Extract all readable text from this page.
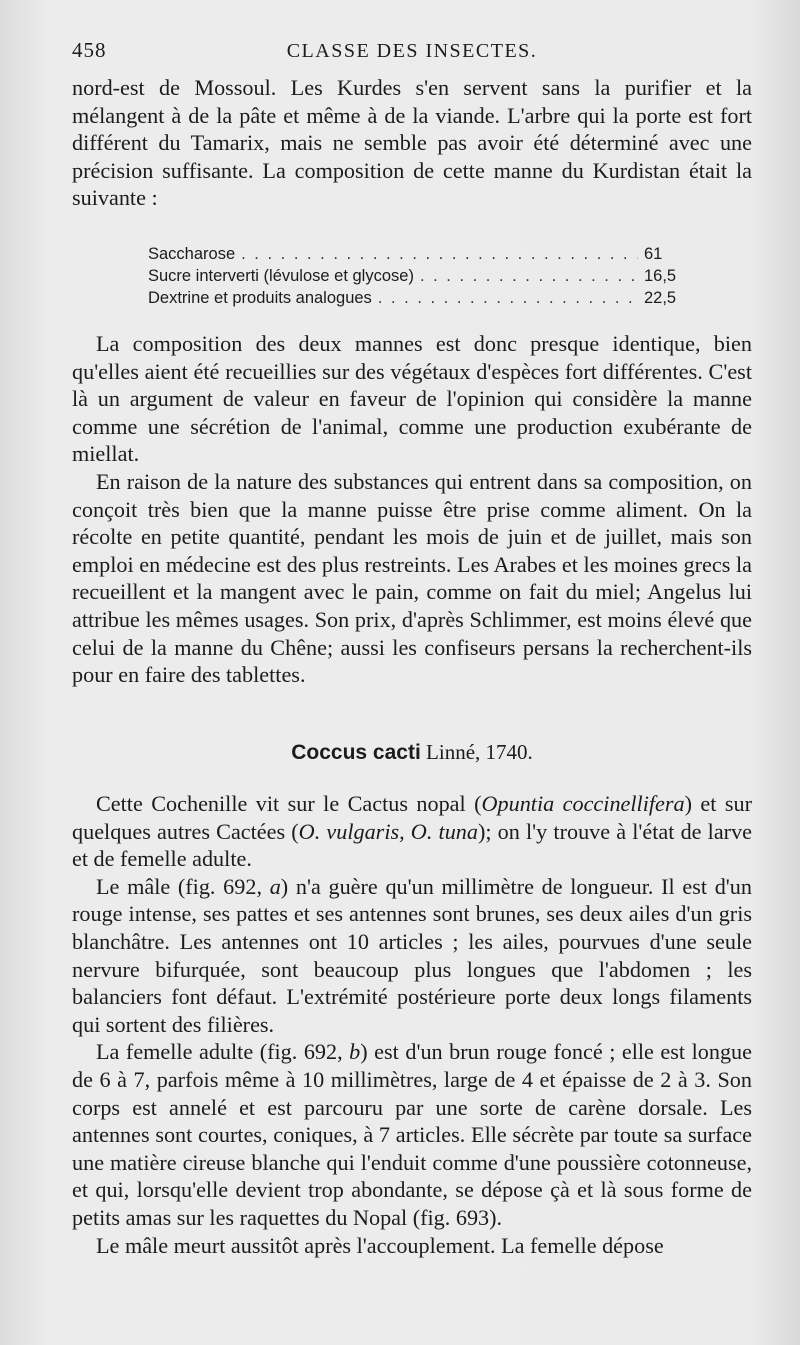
458	CLASSE DES INSECTES.

nord-est de Mossoul. Les Kurdes s'en servent sans la purifier et la mélangent à de la pâte et même à de la viande. L'arbre qui la porte est fort différent du Tamarix, mais ne semble pas avoir été déterminé avec une précision suffisante. La composition de cette manne du Kurdistan était la suivante :

Saccharose . . .	61
Sucre interverti (lévulose et glycose) . . .	16,5
Dextrine et produits analogues . . .	22,5

La composition des deux mannes est donc presque identique, bien qu'elles aient été recueillies sur des végétaux d'espèces fort différentes. C'est là un argument de valeur en faveur de l'opinion qui considère la manne comme une sécrétion de l'animal, comme une production exubérante de miellat.

En raison de la nature des substances qui entrent dans sa composition, on conçoit très bien que la manne puisse être prise comme aliment. On la récolte en petite quantité, pendant les mois de juin et de juillet, mais son emploi en médecine est des plus restreints. Les Arabes et les moines grecs la recueillent et la mangent avec le pain, comme on fait du miel; Angelus lui attribue les mêmes usages. Son prix, d'après Schlimmer, est moins élevé que celui de la manne du Chêne; aussi les confiseurs persans la recherchent-ils pour en faire des tablettes.

Coccus cacti Linné, 1740.

Cette Cochenille vit sur le Cactus nopal (Opuntia coccinellifera) et sur quelques autres Cactées (O. vulgaris, O. tuna); on l'y trouve à l'état de larve et de femelle adulte.

Le mâle (fig. 692, a) n'a guère qu'un millimètre de longueur. Il est d'un rouge intense, ses pattes et ses antennes sont brunes, ses deux ailes d'un gris blanchâtre. Les antennes ont 10 articles ; les ailes, pourvues d'une seule nervure bifurquée, sont beaucoup plus longues que l'abdomen ; les balanciers font défaut. L'extrémité postérieure porte deux longs filaments qui sortent des filières.

La femelle adulte (fig. 692, b) est d'un brun rouge foncé ; elle est longue de 6 à 7, parfois même à 10 millimètres, large de 4 et épaisse de 2 à 3. Son corps est annelé et est parcouru par une sorte de carène dorsale. Les antennes sont courtes, coniques, à 7 articles. Elle sécrète par toute sa surface une matière cireuse blanche qui l'enduit comme d'une poussière cotonneuse, et qui, lorsqu'elle devient trop abondante, se dépose çà et là sous forme de petits amas sur les raquettes du Nopal (fig. 693).

Le mâle meurt aussitôt après l'accouplement. La femelle dépose
